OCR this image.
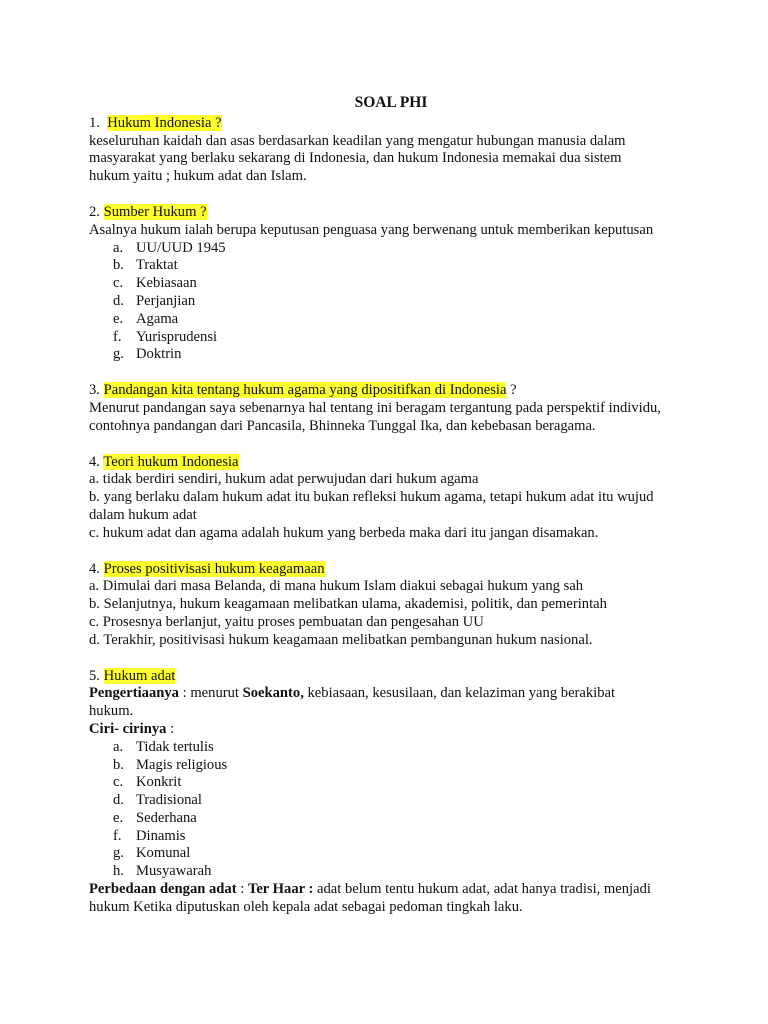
SOAL PHI
1. Hukum Indonesia ?
keseluruhan kaidah dan asas berdasarkan keadilan yang mengatur hubungan manusia dalam masyarakat yang berlaku sekarang di Indonesia, dan hukum Indonesia memakai dua sistem hukum yaitu ; hukum adat dan Islam.
2. Sumber Hukum ?
Asalnya hukum ialah berupa keputusan penguasa yang berwenang untuk memberikan keputusan
a. UU/UUD 1945
b. Traktat
c. Kebiasaan
d. Perjanjian
e. Agama
f. Yurisprudensi
g. Doktrin
3. Pandangan kita tentang hukum agama yang dipositifkan di Indonesia ?
Menurut pandangan saya sebenarnya hal tentang ini beragam tergantung pada perspektif individu, contohnya pandangan dari Pancasila, Bhinneka Tunggal Ika, dan kebebasan beragama.
4. Teori hukum Indonesia
a. tidak berdiri sendiri, hukum adat perwujudan dari hukum agama
b. yang berlaku dalam hukum adat itu bukan refleksi hukum agama, tetapi hukum adat itu wujud dalam hukum adat
c. hukum adat dan agama adalah hukum yang berbeda maka dari itu jangan disamakan.
4. Proses positivisasi hukum keagamaan
a. Dimulai dari masa Belanda, di mana hukum Islam diakui sebagai hukum yang sah
b. Selanjutnya, hukum keagamaan melibatkan ulama, akademisi, politik, dan pemerintah
c. Prosesnya berlanjut, yaitu proses pembuatan dan pengesahan UU
d. Terakhir, positivisasi hukum keagamaan melibatkan pembangunan hukum nasional.
5. Hukum adat
Pengertiaanya : menurut Soekanto, kebiasaan, kesusilaan, dan kelaziman yang berakibat hukum.
Ciri- cirinya :
a. Tidak tertulis
b. Magis religious
c. Konkrit
d. Tradisional
e. Sederhana
f. Dinamis
g. Komunal
h. Musyawarah
Perbedaan dengan adat : Ter Haar : adat belum tentu hukum adat, adat hanya tradisi, menjadi hukum Ketika diputuskan oleh kepala adat sebagai pedoman tingkah laku.
